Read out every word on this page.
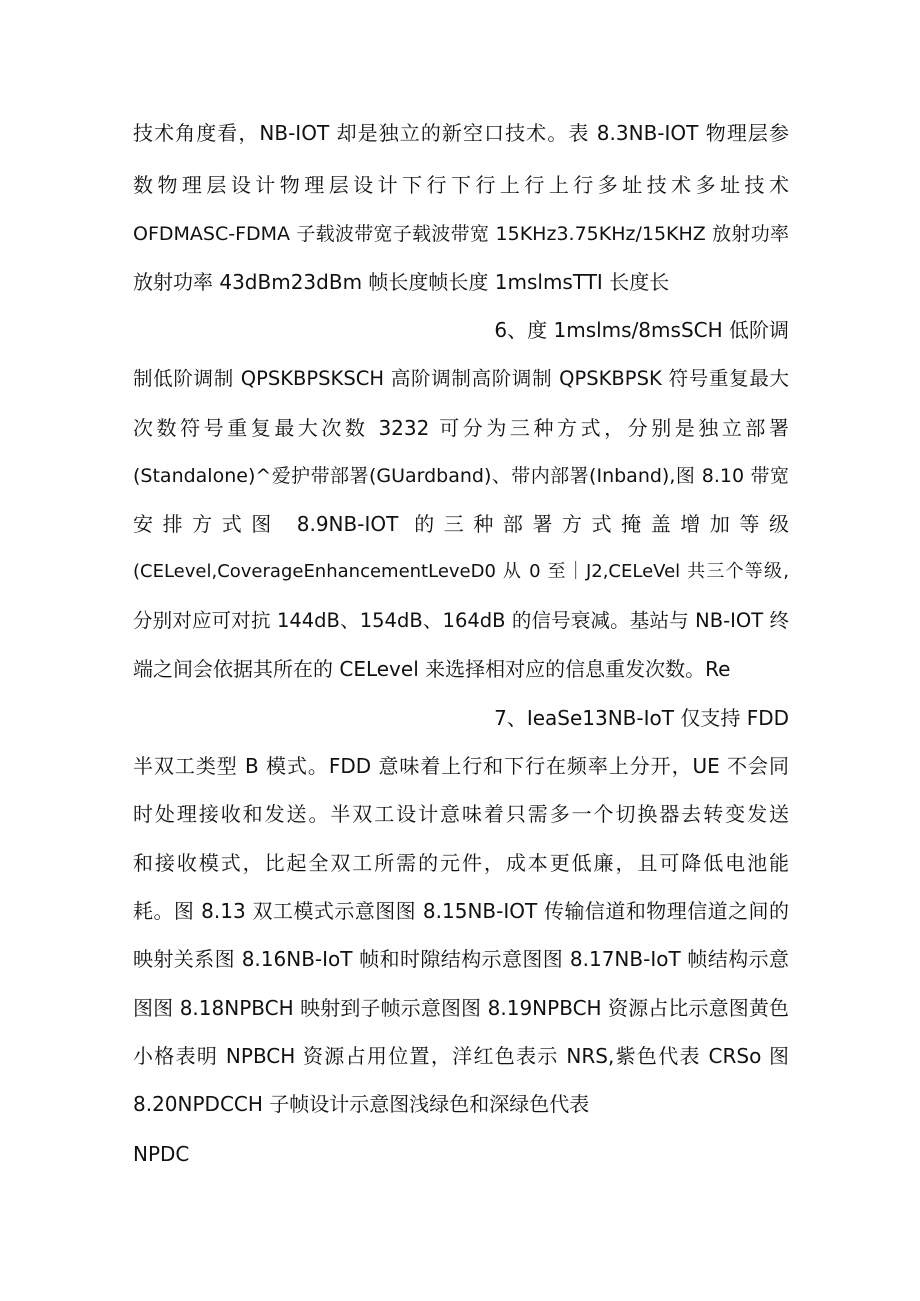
技术角度看，NB-IOT 却是独立的新空口技术。表 8.3NB-IOT 物理层参
数物理层设计物理层设计下行下行上行上行多址技术多址技术
OFDMASC-FDMA 子载波带宽子载波带宽 15KHz3.75KHz/15KHZ 放射功率
放射功率 43dBm23dBm 帧长度帧长度 1mslmsTTI 长度长
6、度 1mslms/8msSCH 低阶调
制低阶调制 QPSKBPSKSCH 高阶调制高阶调制 QPSKBPSK 符号重复最大
次数符号重复最大次数 3232 可分为三种方式，分别是独立部署
(Standalone)^爱护带部署(GUardband)、带内部署(Inband),图 8.10 带宽
安排方式图 8.9NB-IOT 的三种部署方式掩盖增加等级
(CELevel,CoverageEnhancementLeveD0 从 0 至｜J2,CELeVel 共三个等级,
分别对应可对抗 144dB、154dB、164dB 的信号衰减。基站与 NB-IOT 终
端之间会依据其所在的 CELevel 来选择相对应的信息重发次数。Re
7、IeaSe13NB-IoT 仅支持 FDD
半双工类型 B 模式。FDD 意味着上行和下行在频率上分开，UE 不会同
时处理接收和发送。半双工设计意味着只需多一个切换器去转变发送
和接收模式，比起全双工所需的元件，成本更低廉，且可降低电池能
耗。图 8.13 双工模式示意图图 8.15NB-IOT 传输信道和物理信道之间的
映射关系图 8.16NB-IoT 帧和时隙结构示意图图 8.17NB-IoT 帧结构示意
图图 8.18NPBCH 映射到子帧示意图图 8.19NPBCH 资源占比示意图黄色
小格表明 NPBCH 资源占用位置，洋红色表示 NRS,紫色代表 CRSo 图
8.20NPDCCH 子帧设计示意图浅绿色和深绿色代表
NPDC
